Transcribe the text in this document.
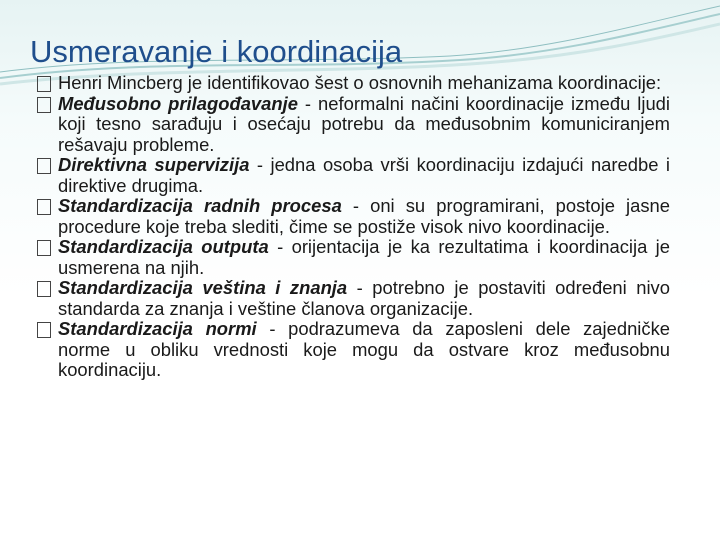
Usmeravanje i koordinacija
Henri Mincberg je identifikovao šest o osnovnih mehanizama koordinacije:
Međusobno prilagođavanje - neformalni načini koordinacije između ljudi koji tesno sarađuju i osećaju potrebu da međusobnim komuniciranjem rešavaju probleme.
Direktivna supervizija - jedna osoba vrši koordinaciju izdajući naredbe i direktive drugima.
Standardizacija radnih procesa - oni su programirani, postoje jasne procedure koje treba slediti, čime se postiže visok nivo koordinacije.
Standardizacija outputa - orijentacija je ka rezultatima i koordinacija je usmerena na njih.
Standardizacija veština i znanja - potrebno je postaviti određeni nivo standarda za znanja i veštine članova organizacije.
Standardizacija normi - podrazumeva da zaposleni dele zajedničke norme u obliku vrednosti koje mogu da ostvare kroz međusobnu koordinaciju.
